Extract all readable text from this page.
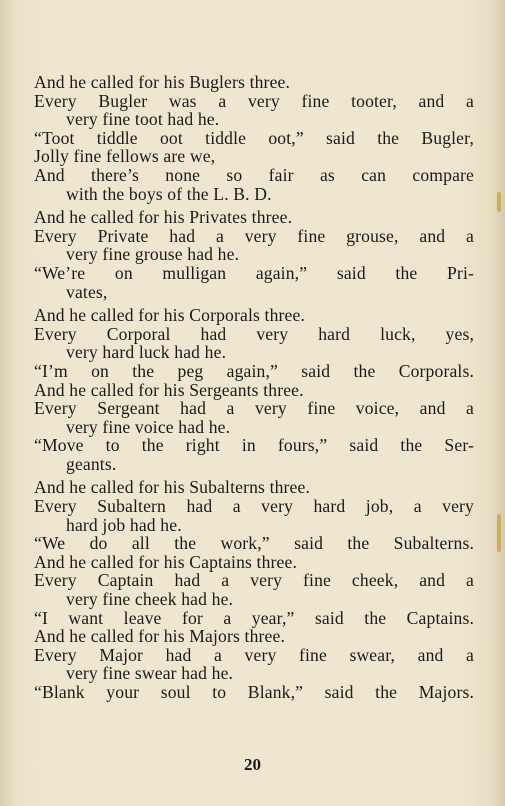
And he called for his Buglers three.
Every Bugler was a very fine tooter, and a
very fine toot had he.
“Toot tiddle oot tiddle oot,” said the Bugler,
Jolly fine fellows are we,
And there’s none so fair as can compare
with the boys of the L. B. D.
And he called for his Privates three.
Every Private had a very fine grouse, and a
very fine grouse had he.
“We’re on mulligan again,” said the Pri-
vates,
And he called for his Corporals three.
Every Corporal had very hard luck, yes,
very hard luck had he.
“I’m on the peg again,” said the Corporals.
And he called for his Sergeants three.
Every Sergeant had a very fine voice, and a
very fine voice had he.
“Move to the right in fours,” said the Ser-
geants.
And he called for his Subalterns three.
Every Subaltern had a very hard job, a very
hard job had he.
“We do all the work,” said the Subalterns.
And he called for his Captains three.
Every Captain had a very fine cheek, and a
very fine cheek had he.
“I want leave for a year,” said the Captains.
And he called for his Majors three.
Every Major had a very fine swear, and a
very fine swear had he.
“Blank your soul to Blank,” said the Majors.
20
